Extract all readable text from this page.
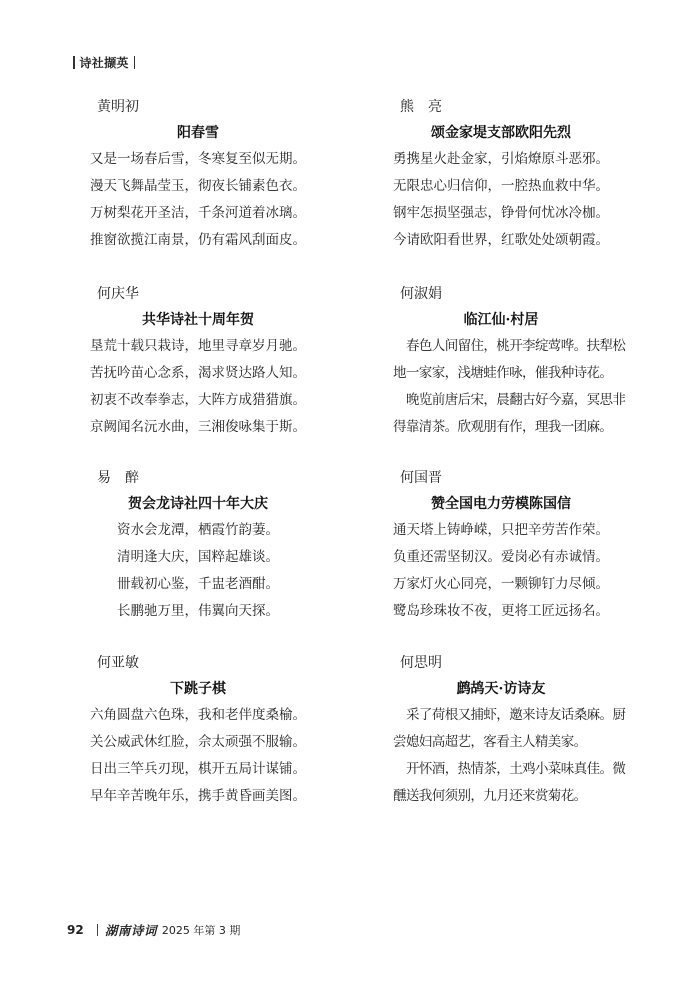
诗社撷英
黄明初
阳春雪
又是一场春后雪，冬寒复至似无期。
漫天飞舞晶莹玉，彻夜长铺素色衣。
万树梨花开圣洁，千条河道着冰璃。
推窗欲揽江南景，仍有霜风刮面皮。
何庆华
共华诗社十周年贺
垦荒十载只栽诗，地里寻章岁月驰。
苦抚吟苗心念系，渴求贤达路人知。
初衷不改奉拳志，大阵方成猎猎旗。
京阙闻名沅水曲，三湘俊咏集于斯。
易　醉
贺会龙诗社四十年大庆
资水会龙潭，栖霞竹韵萋。
清明逢大庆，国粹起雄谈。
卌载初心鉴，千盅老酒酣。
长鹏驰万里，伟翼向天探。
何亚敏
下跳子棋
六角圆盘六色珠，我和老伴度桑榆。
关公威武休红脸，佘太顽强不服输。
日出三竿兵刃现，棋开五局计谋铺。
早年辛苦晚年乐，携手黄昏画美图。
熊　亮
颂金家堤支部欧阳先烈
勇携星火赴金家，引焰燎原斗恶邪。
无限忠心归信仰，一腔热血救中华。
钢牢怎损坚强志，铮骨何忧冰冷枷。
今请欧阳看世界，红歌处处颂朝霞。
何淑娟
临江仙·村居
春色人间留住，桃开李绽莺哗。扶犁松
地一家家，浅塘蛙作咏，催我种诗花。
晚览前唐后宋，晨翻古好今嘉，冥思非
得靠清茶。欣观朋有作，理我一团麻。
何国晋
赞全国电力劳模陈国信
通天塔上铸峥嵘，只把辛劳苦作荣。
负重还需坚韧汉。爱岗必有赤诚情。
万家灯火心同亮，一颗铆钉力尽倾。
鹭岛珍珠妆不夜，更将工匠远扬名。
何思明
鹧鸪天·访诗友
采了荷根又捕虾，邀来诗友话桑麻。厨
尝媳妇高超艺，客看主人精美家。
开怀酒，热情茶，土鸡小菜味真佳。微
醺送我何须别，九月还来赏菊花。
92 湖南诗词 2025 年第 3 期
